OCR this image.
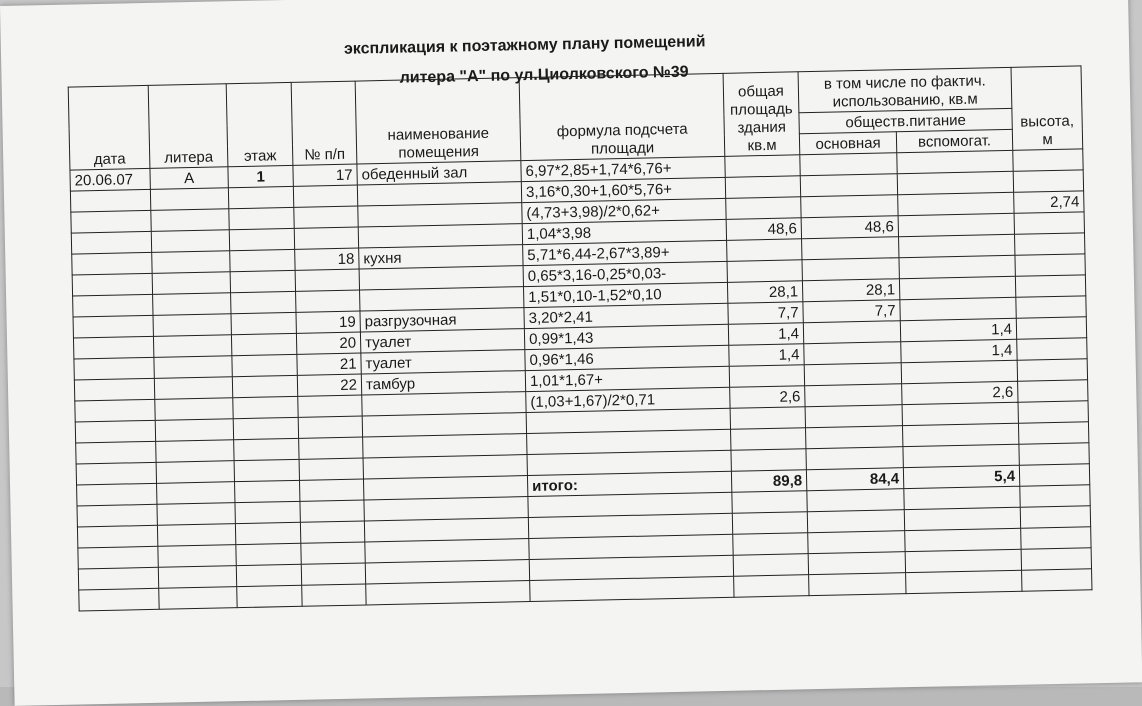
экспликация к поэтажному плану помещений
литера "А" по ул.Циолковского №39
дата	литера	этаж	№ п/п	наименование помещения	формула подсчета площади	общая площадь здания кв.м	в том числе по фактич. использованию, кв.м		высота, м
							обществ.питание		
							основная	вспомогат.	
20.06.07	А	1	17	обеденный зал	6,97*2,85+1,74*6,76+				
					3,16*0,30+1,60*5,76+				
					(4,73+3,98)/2*0,62+				2,74
					1,04*3,98	48,6	48,6		
			18	кухня	5,71*6,44-2,67*3,89+				
					0,65*3,16-0,25*0,03-				
					1,51*0,10-1,52*0,10	28,1	28,1		
			19	разгрузочная	3,20*2,41	7,7	7,7		
			20	туалет	0,99*1,43	1,4		1,4	
			21	туалет	0,96*1,46	1,4		1,4	
			22	тамбур	1,01*1,67+				
					(1,03+1,67)/2*0,71	2,6		2,6	

					итого:	89,8	84,4	5,4	
